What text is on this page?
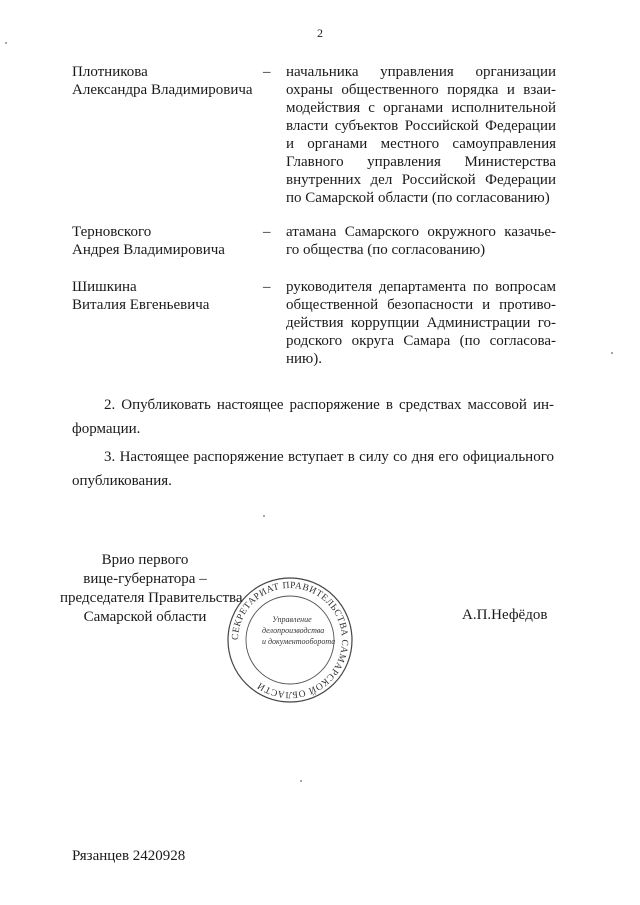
2
Плотникова
Александра Владимировича
– начальника управления организации
охраны общественного порядка и взаи-
модействия с органами исполнительной
власти субъектов Российской Федерации
и органами местного самоуправления
Главного управления Министерства
внутренних дел Российской Федерации
по Самарской области (по согласованию)
Терновского
Андрея Владимировича
– атамана Самарского окружного казачье-
го общества (по согласованию)
Шишкина
Виталия Евгеньевича
– руководителя департамента по вопросам
общественной безопасности и противо-
действия коррупции Администрации го-
родского округа Самара (по согласова-
нию).
2. Опубликовать настоящее распоряжение в средствах массовой ин-
формации.
3. Настоящее распоряжение вступает в силу со дня его официального
опубликования.
СЕКРЕТАРИАТ ПРАВИТЕЛЬСТВА САМАРСКОЙ ОБЛАСТИ
Управление
делопроизводства
и документооборота
Врио первого
вице-губернатора –
председателя Правительства
Самарской области	А.П.Нефёдов
Рязанцев 2420928
